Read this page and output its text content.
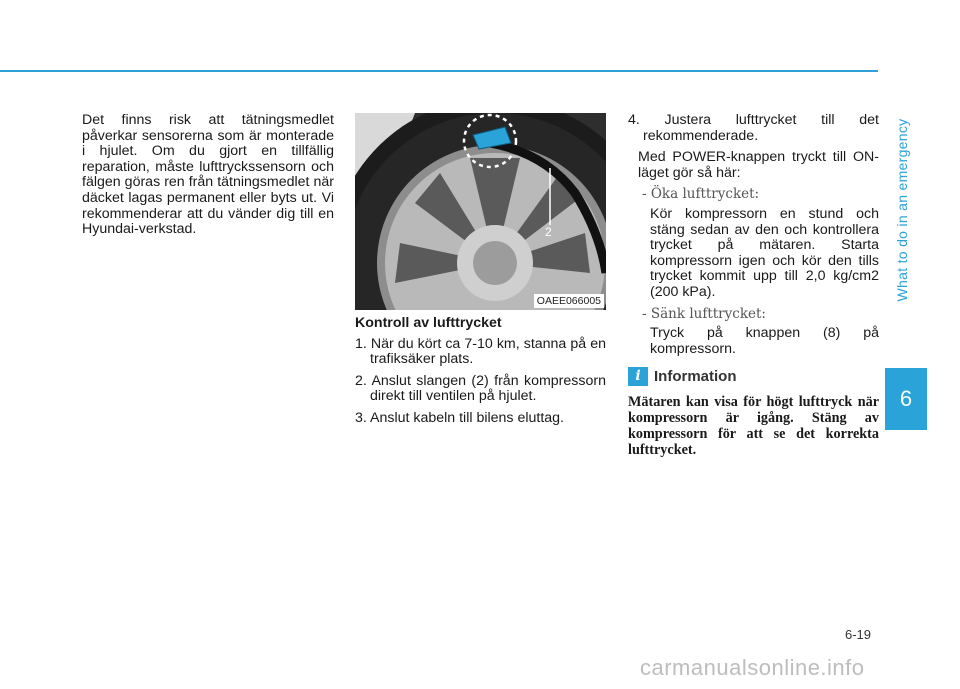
What to do in an emergency
6

Det finns risk att tätningsmedlet påverkar sensorerna som är monterade i hjulet. Om du gjort en tillfällig reparation, måste lufttryckssensorn och fälgen göras ren från tätningsmedlet när däcket lagas permanent eller byts ut. Vi rekommenderar att du vänder dig till en Hyundai-verkstad.	2
OAEE066005

Kontroll av lufttrycket

1. När du kört ca 7-10 km, stanna på en trafiksäker plats.

2. Anslut slangen (2) från kompressorn direkt till ventilen på hjulet.

3. Anslut kabeln till bilens eluttag.

4. Justera lufttrycket till det rekommenderade.

Med POWER-knappen tryckt till ON-läget gör så här:

- Öka lufttrycket:

Kör kompressorn en stund och stäng sedan av den och kontrollera trycket på mätaren. Starta kompressorn igen och kör den tills trycket kommit upp till 2,0 kg/cm2 (200 kPa).

- Sänk lufttrycket:

Tryck på knappen (8) på kompressorn.

i Information
Mätaren kan visa för högt lufttryck när kompressorn är igång. Stäng av kompressorn för att se det korrekta lufttrycket.
6-19
carmanualsonline.info
